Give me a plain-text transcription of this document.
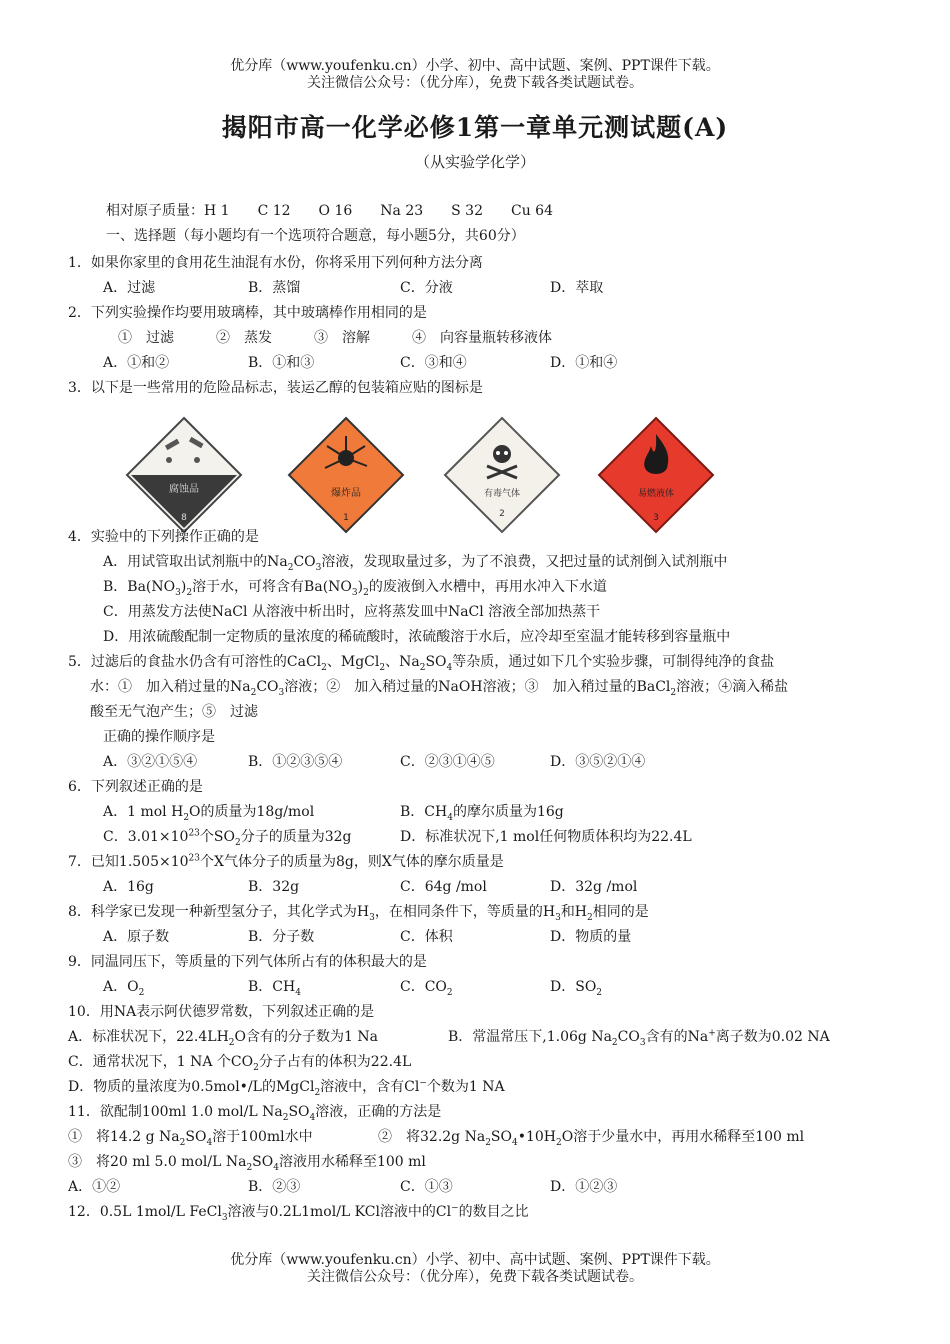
优分库（www.youfenku.cn）小学、初中、高中试题、案例、PPT课件下载。
关注微信公众号：（优分库），免费下载各类试题试卷。
揭阳市高一化学必修1第一章单元测试题(A)
（从实验学化学）
相对原子质量：H 1　　C 12　　O 16　　Na 23　　S 32　　Cu 64
一、选择题（每小题均有一个选项符合题意，每小题5分，共60分）
1．如果你家里的食用花生油混有水份，你将采用下列何种方法分离
A．过滤	B．蒸馏	C．分液	D．萃取
2．下列实验操作均要用玻璃棒，其中玻璃棒作用相同的是
①　过滤　　　②　蒸发　　　③　溶解　　　④　向容量瓶转移液体
A．①和②	B．①和③	C．③和④	D．①和④
3．以下是一些常用的危险品标志，装运乙醇的包装箱应贴的图标是
腐蚀品
8
爆炸品
1
有毒气体
2
易燃液体
3
4．实验中的下列操作正确的是
A．用试管取出试剂瓶中的$Na_2CO_3$溶液，发现取量过多，为了不浪费，又把过量的试剂倒入试剂瓶中
B．$Ba(NO_3)_2$溶于水，可将含有$Ba(NO_3)_2$的废液倒入水槽中，再用水冲入下水道
C．用蒸发方法使NaCl 从溶液中析出时，应将蒸发皿中NaCl 溶液全部加热蒸干
D．用浓硫酸配制一定物质的量浓度的稀硫酸时，浓硫酸溶于水后，应冷却至室温才能转移到容量瓶中
5．过滤后的食盐水仍含有可溶性的CaCl$_2$、MgCl$_2$、$Na_2SO_4$等杂质，通过如下几个实验步骤，可制得纯净的食盐
水：①　加入稍过量的$Na_2CO_3$溶液；②　加入稍过量的NaOH溶液；③　加入稍过量的BaCl$_2$溶液；④滴入稀盐
酸至无气泡产生；⑤　过滤
正确的操作顺序是
A．③②①⑤④	B．①②③⑤④	C．②③①④⑤	D．③⑤②①④
6．下列叙述正确的是
A．1 mol $H_2O$的质量为18g/mol	B．$CH_4$的摩尔质量为16g
C．$3.01\times 10^{23}$个$SO_2$分子的质量为32g	D．标准状况下,1 mol任何物质体积均为22.4L
7．已知$1.505\times 10^{23}$个X气体分子的质量为8g，则X气体的摩尔质量是
A．16g	B．32g	C．64g /mol	D．32g /mol
8．科学家已发现一种新型氢分子，其化学式为$H_3$，在相同条件下，等质量的$H_3$和$H_2$相同的是
A．原子数	B．分子数	C．体积	D．物质的量
9．同温同压下，等质量的下列气体所占有的体积最大的是
A．$O_2$	B．$CH_4$	C．$CO_2$	D．$SO_2$
10．用NA表示阿伏德罗常数，下列叙述正确的是
A．标准状况下，$22.4LH_2O$含有的分子数为1 Na	B．常温常压下,1.06g $Na_2CO_3$含有的Na+离子数为0.02 NA
C．通常状况下，1 NA 个$CO_2$分子占有的体积为22.4L
D．物质的量浓度为0.5mol•/L的MgCl$_2$溶液中，含有Cl−个数为1 NA
11．欲配制100ml 1.0 mol/L $Na_2SO_4$溶液，正确的方法是
①　将14.2 g $Na_2SO_4$溶于100ml水中	②　将32.2g $Na_2SO_4•10H_2O$溶于少量水中，再用水稀释至100 ml
③　将20 ml 5.0 mol/L $Na_2SO_4$溶液用水稀释至100 ml
A．①②	B．②③	C．①③	D．①②③
12．0.5L 1mol/L FeCl$_3$溶液与0.2L1mol/L KCl溶液中的Cl−的数目之比
优分库（www.youfenku.cn）小学、初中、高中试题、案例、PPT课件下载。
关注微信公众号：（优分库），免费下载各类试题试卷。
